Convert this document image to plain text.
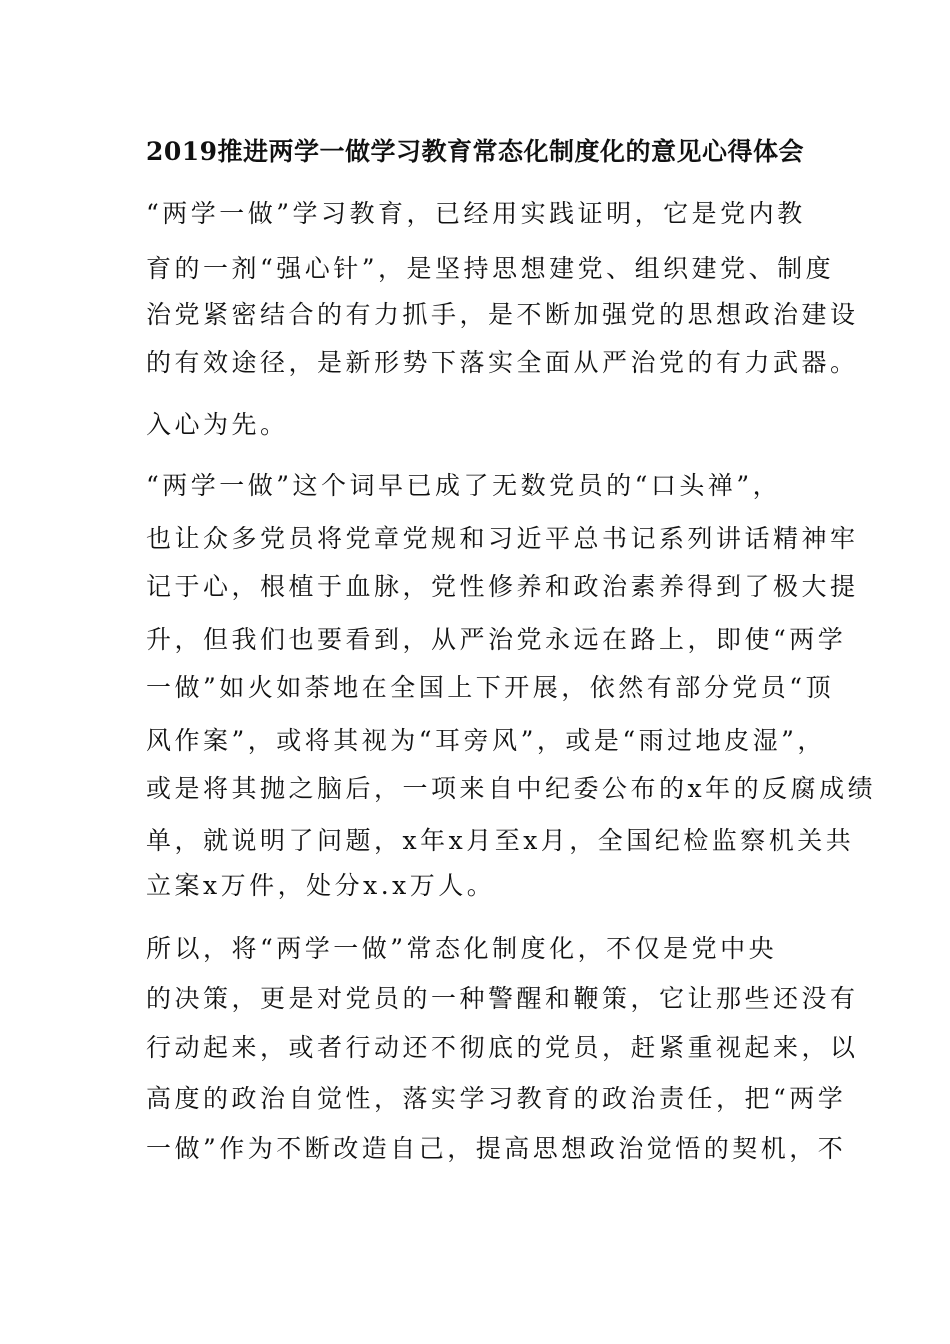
2019推进两学一做学习教育常态化制度化的意见心得体会
“两学一做”学习教育，已经用实践证明，它是党内教
育的一剂“强心针”，是坚持思想建党、组织建党、制度
治党紧密结合的有力抓手，是不断加强党的思想政治建设
的有效途径，是新形势下落实全面从严治党的有力武器。
入心为先。
“两学一做”这个词早已成了无数党员的“口头禅”，
也让众多党员将党章党规和习近平总书记系列讲话精神牢
记于心，根植于血脉，党性修养和政治素养得到了极大提
升，但我们也要看到，从严治党永远在路上，即使“两学
一做”如火如荼地在全国上下开展，依然有部分党员“顶
风作案”，或将其视为“耳旁风”，或是“雨过地皮湿”，
或是将其抛之脑后，一项来自中纪委公布的x年的反腐成绩
单，就说明了问题，x年x月至x月，全国纪检监察机关共
立案x万件，处分x.x万人。
所以，将“两学一做”常态化制度化，不仅是党中央
的决策，更是对党员的一种警醒和鞭策，它让那些还没有
行动起来，或者行动还不彻底的党员，赶紧重视起来，以
高度的政治自觉性，落实学习教育的政治责任，把“两学
一做”作为不断改造自己，提高思想政治觉悟的契机，不
